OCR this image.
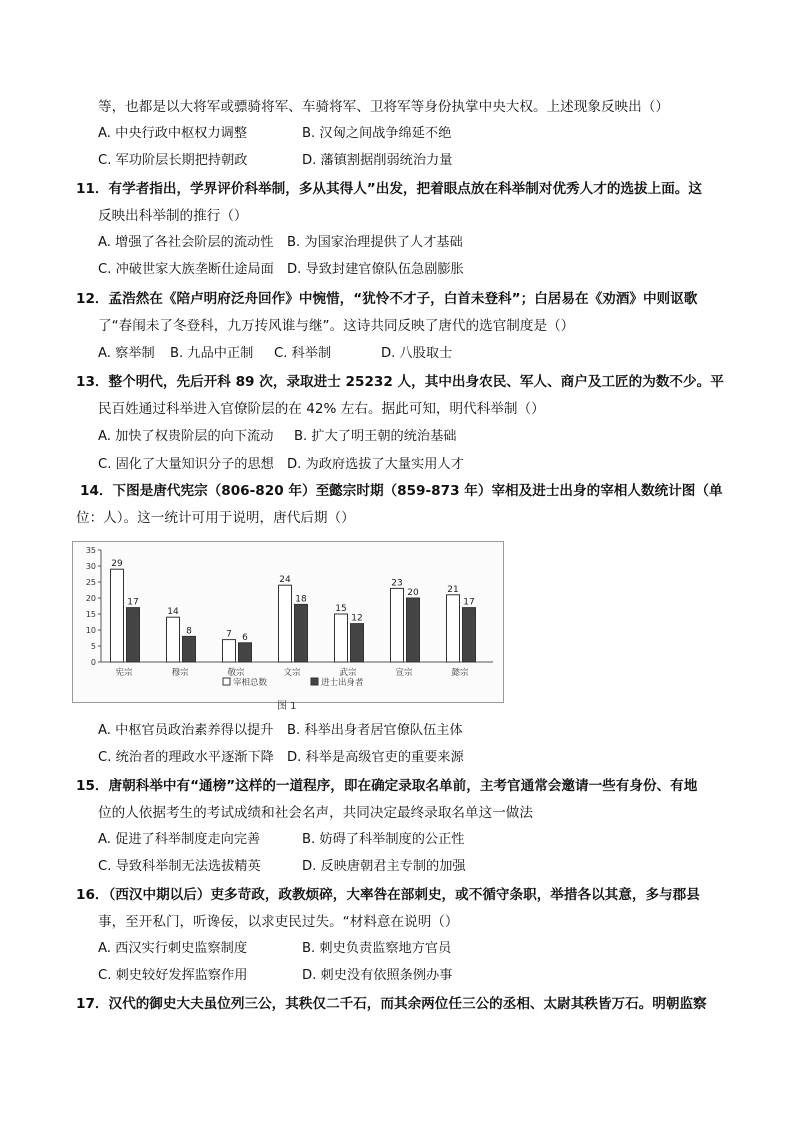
等，也都是以大将军或骠骑将军、车骑将军、卫将军等身份执掌中央大权。上述现象反映出（）
A. 中央行政中枢权力调整	B. 汉匈之间战争绵延不绝
C. 军功阶层长期把持朝政	D. 藩镇割据削弱统治力量
11．有学者指出，学界评价科举制，多从其得人”出发，把着眼点放在科举制对优秀人才的选拔上面。这
反映出科举制的推行（）
A. 增强了各社会阶层的流动性 B. 为国家治理提供了人才基础
C. 冲破世家大族垄断仕途局面 D. 导致封建官僚队伍急剧膨胀
12．孟浩然在《陪卢明府泛舟回作》中惋惜，“犹怜不才子，白首未登科”；白居易在《劝酒》中则讴歌
了“春闱未了冬登科，九万抟风谁与继”。这诗共同反映了唐代的选官制度是（）
A. 察举制 B. 九品中正制 C. 科举制	D. 八股取士
13．整个明代，先后开科 89 次，录取进士 25232 人，其中出身农民、军人、商户及工匠的为数不少。平
民百姓通过科举进入官僚阶层的在 42% 左右。据此可知，明代科举制（）
A. 加快了权贵阶层的向下流动 B. 扩大了明王朝的统治基础
C. 固化了大量知识分子的思想 D. 为政府选拔了大量实用人才
14．下图是唐代宪宗（806-820 年）至懿宗时期（859-873 年）宰相及进士出身的宰相人数统计图（单
位：人）。这一统计可用于说明，唐代后期（）
0
5
10
15
20
25
30
35
29
17
宪宗
14
8
穆宗
7 6
敬宗
24
18
文宗
15
12
武宗
23
20
宣宗
21
17
懿宗
宰相总数	进士出身者
图 1
A. 中枢官员政治素养得以提升 B. 科举出身者居官僚队伍主体
C. 统治者的理政水平逐渐下降 D. 科举是高级官吏的重要来源
15．唐朝科举中有“通榜”这样的一道程序，即在确定录取名单前，主考官通常会邀请一些有身份、有地
位的人依据考生的考试成绩和社会名声，共同决定最终录取名单这一做法
A. 促进了科举制度走向完善	B. 妨碍了科举制度的公正性
C. 导致科举制无法选拔精英	D. 反映唐朝君主专制的加强
16．（西汉中期以后）吏多苛政，政教烦碎，大率咎在部刺史，或不循守条职，举措各以其意，多与郡县
事，至开私门，听谗佞，以求吏民过失。“材料意在说明（）
A. 西汉实行刺史监察制度	B. 刺史负责监察地方官员
C. 刺史较好发挥监察作用	D. 刺史没有依照条例办事
17．汉代的御史大夫虽位列三公，其秩仅二千石，而其余两位任三公的丞相、太尉其秩皆万石。明朝监察
